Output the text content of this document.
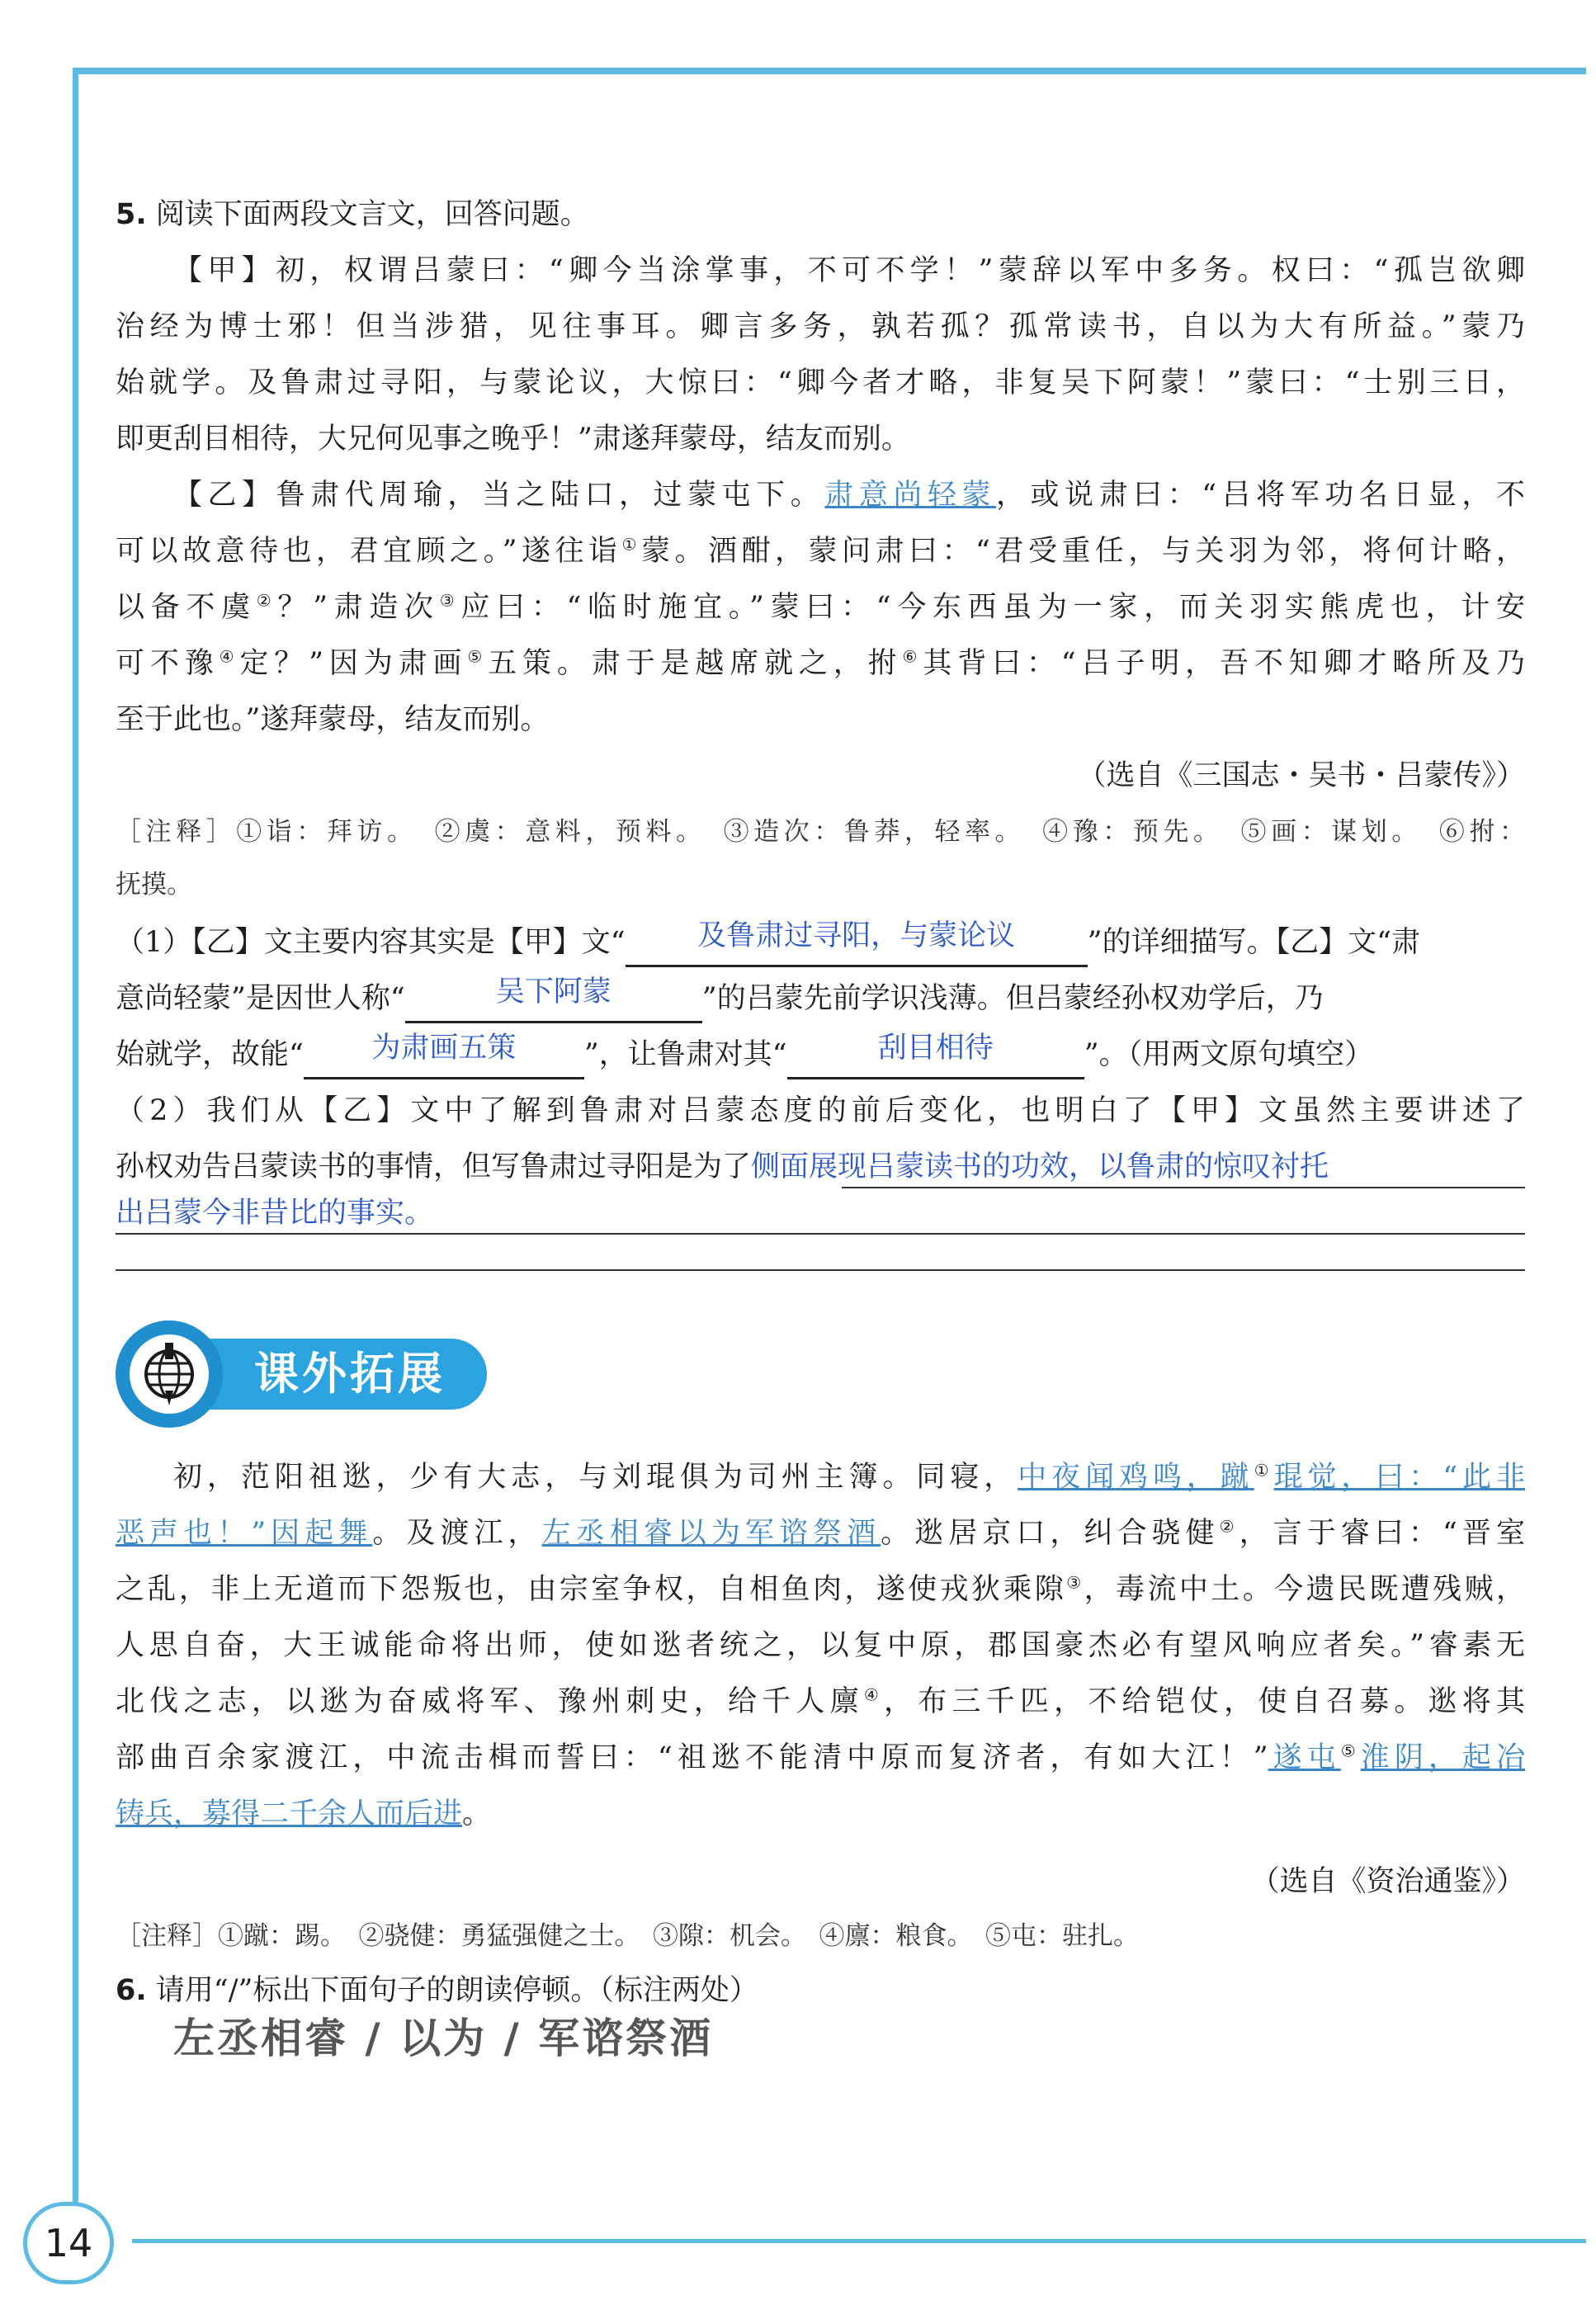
14
5. 阅读下面两段文言文，回答问题。
【甲】初，权谓吕蒙曰：“卿今当涂掌事，不可不学！”蒙辞以军中多务。权曰：“孤岂欲卿
治经为博士邪！但当涉猎，见往事耳。卿言多务，孰若孤？孤常读书，自以为大有所益。”蒙乃
始就学。及鲁肃过寻阳，与蒙论议，大惊曰：“卿今者才略，非复吴下阿蒙！”蒙曰：“士别三日，
即更刮目相待，大兄何见事之晚乎！”肃遂拜蒙母，结友而别。
【乙】鲁肃代周瑜，当之陆口，过蒙屯下。肃意尚轻蒙，或说肃曰：“吕将军功名日显，不
可以故意待也，君宜顾之。”遂往诣①蒙。酒酣，蒙问肃曰：“君受重任，与关羽为邻，将何计略，
以备不虞②？”肃造次③应曰：“临时施宜。”蒙曰：“今东西虽为一家，而关羽实熊虎也，计安
可不豫④定？”因为肃画⑤五策。肃于是越席就之，拊⑥其背曰：“吕子明，吾不知卿才略所及乃
至于此也。”遂拜蒙母，结友而别。
（选自《三国志・吴书・吕蒙传》）
［注释］①诣：拜访。　②虞：意料，预料。　③造次：鲁莽，轻率。　④豫：预先。　⑤画：谋划。　⑥拊：
抚摸。
（1）【乙】文主要内容其实是【甲】文“ 及鲁肃过寻阳，与蒙论议	”的详细描写。【乙】文“肃
意尚轻蒙”是因世人称“	吴下阿蒙	”的吕蒙先前学识浅薄。但吕蒙经孙权劝学后，乃
始就学，故能“ 为肃画五策 ”，让鲁肃对其“	刮目相待	”。（用两文原句填空）
（2）我们从【乙】文中了解到鲁肃对吕蒙态度的前后变化，也明白了【甲】文虽然主要讲述了
孙权劝告吕蒙读书的事情，但写鲁肃过寻阳是为了侧面展现吕蒙读书的功效，以鲁肃的惊叹衬托
出吕蒙今非昔比的事实。
课外拓展
初，范阳祖逖，少有大志，与刘琨俱为司州主簿。同寝，中夜闻鸡鸣，蹴①琨觉，曰：“此非
恶声也！”因起舞。及渡江，左丞相睿以为军谘祭酒。逖居京口，纠合骁健②，言于睿曰：“晋室
之乱，非上无道而下怨叛也，由宗室争权，自相鱼肉，遂使戎狄乘隙③，毒流中土。今遗民既遭残贼，
人思自奋，大王诚能命将出师，使如逖者统之，以复中原，郡国豪杰必有望风响应者矣。”睿素无
北伐之志，以逖为奋威将军、豫州刺史，给千人廪④，布三千匹，不给铠仗，使自召募。逖将其
部曲百余家渡江，中流击楫而誓曰：“祖逖不能清中原而复济者，有如大江！”遂屯⑤淮阴，起冶
铸兵，募得二千余人而后进。
（选自《资治通鉴》）
［注释］①蹴：踢。　②骁健：勇猛强健之士。　③隙：机会。　④廪：粮食。　⑤屯：驻扎。
6. 请用“/”标出下面句子的朗读停顿。（标注两处）
左丞相睿 / 以为 / 军谘祭酒
